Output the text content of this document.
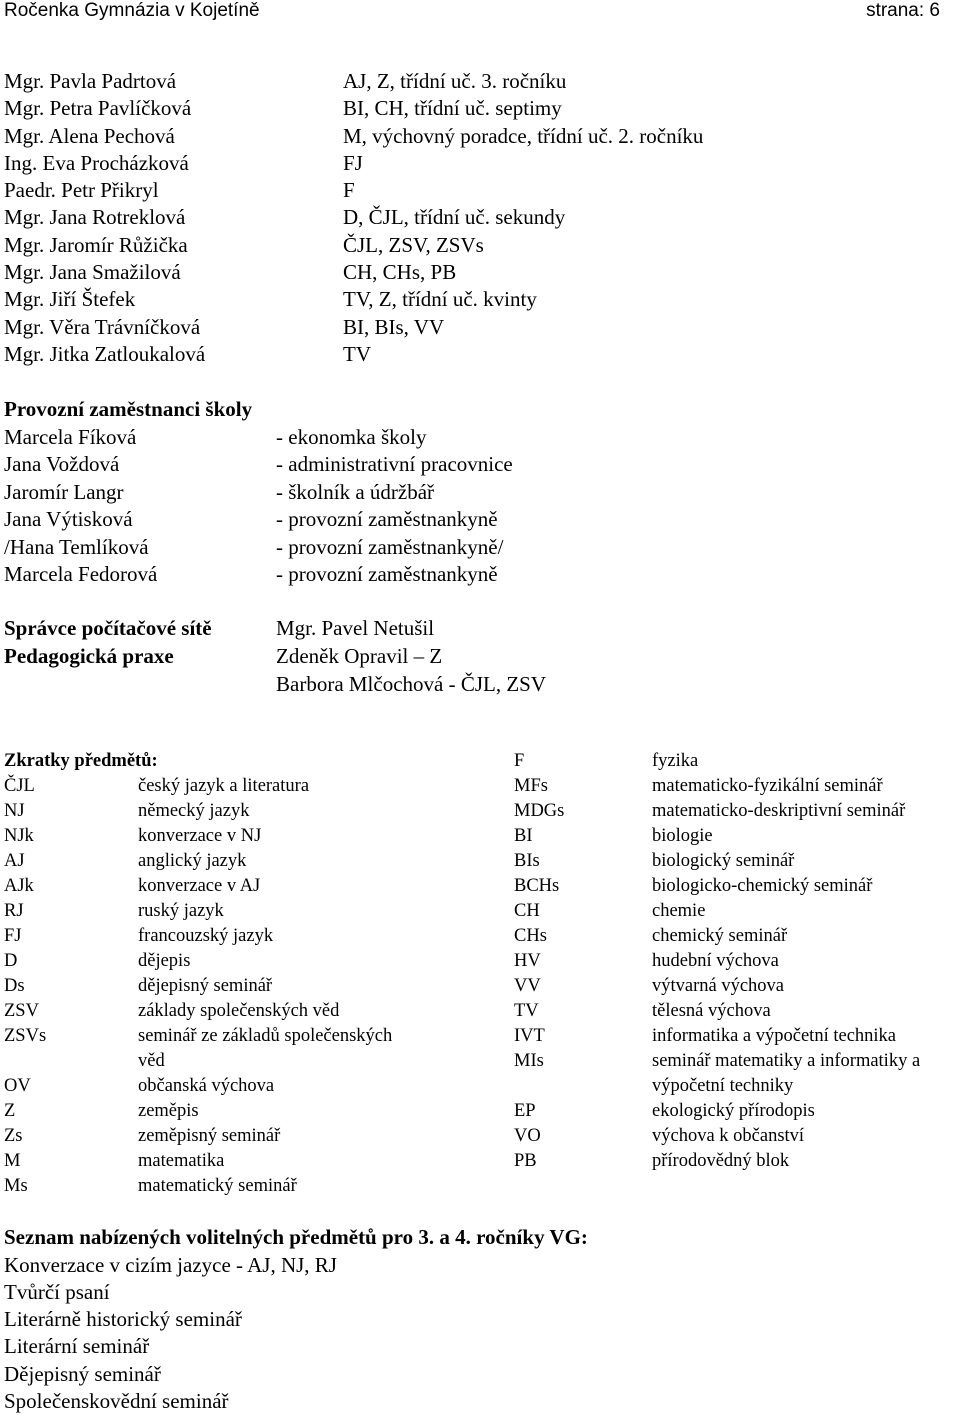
Ročenka Gymnázia v Kojetíně	strana: 6
Mgr. Pavla Padrtová	AJ, Z, třídní uč. 3. ročníku
Mgr. Petra Pavlíčková	BI, CH, třídní uč. septimy
Mgr. Alena Pechová	M, výchovný poradce, třídní uč. 2. ročníku
Ing. Eva Procházková	FJ
Paedr. Petr Přikryl	F
Mgr. Jana Rotreklová	D, ČJL, třídní uč. sekundy
Mgr. Jaromír Růžička	ČJL, ZSV, ZSVs
Mgr. Jana Smažilová	CH, CHs, PB
Mgr. Jiří Štefek	TV, Z, třídní uč. kvinty
Mgr. Věra Trávníčková	BI, BIs, VV
Mgr. Jitka Zatloukalová	TV
Provozní zaměstnanci školy
Marcela Fíková	- ekonomka školy
Jana Voždová	- administrativní pracovnice
Jaromír Langr	- školník a údržbář
Jana Výtisková	- provozní zaměstnankyně
/Hana Temlíková	- provozní zaměstnankyně/
Marcela Fedorová	- provozní zaměstnankyně
Správce počítačové sítě	Mgr. Pavel Netušil
Pedagogická praxe	Zdeněk Opravil – Z
Barbora Mlčochová - ČJL, ZSV
Zkratky předmětů:
ČJL	český jazyk a literatura
NJ	německý jazyk
NJk	konverzace v NJ
AJ	anglický jazyk
AJk	konverzace v AJ
RJ	ruský jazyk
FJ	francouzský jazyk
D	dějepis
Ds	dějepisný seminář
ZSV	základy společenských věd
ZSVs	seminář ze základů společenských
věd
OV	občanská výchova
Z	zeměpis
Zs	zeměpisný seminář
M	matematika
Ms	matematický seminář
F	fyzika
MFs	matematicko-fyzikální seminář
MDGs	matematicko-deskriptivní seminář
BI	biologie
BIs	biologický seminář
BCHs	biologicko-chemický seminář
CH	chemie
CHs	chemický seminář
HV	hudební výchova
VV	výtvarná výchova
TV	tělesná výchova
IVT	informatika a výpočetní technika
MIs	seminář matematiky a informatiky a
výpočetní techniky
EP	ekologický přírodopis
VO	výchova k občanství
PB	přírodovědný blok
Seznam nabízených volitelných předmětů pro 3. a 4. ročníky VG:
Konverzace v cizím jazyce - AJ, NJ, RJ
Tvůrčí psaní
Literárně historický seminář
Literární seminář
Dějepisný seminář
Společenskovědní seminář
